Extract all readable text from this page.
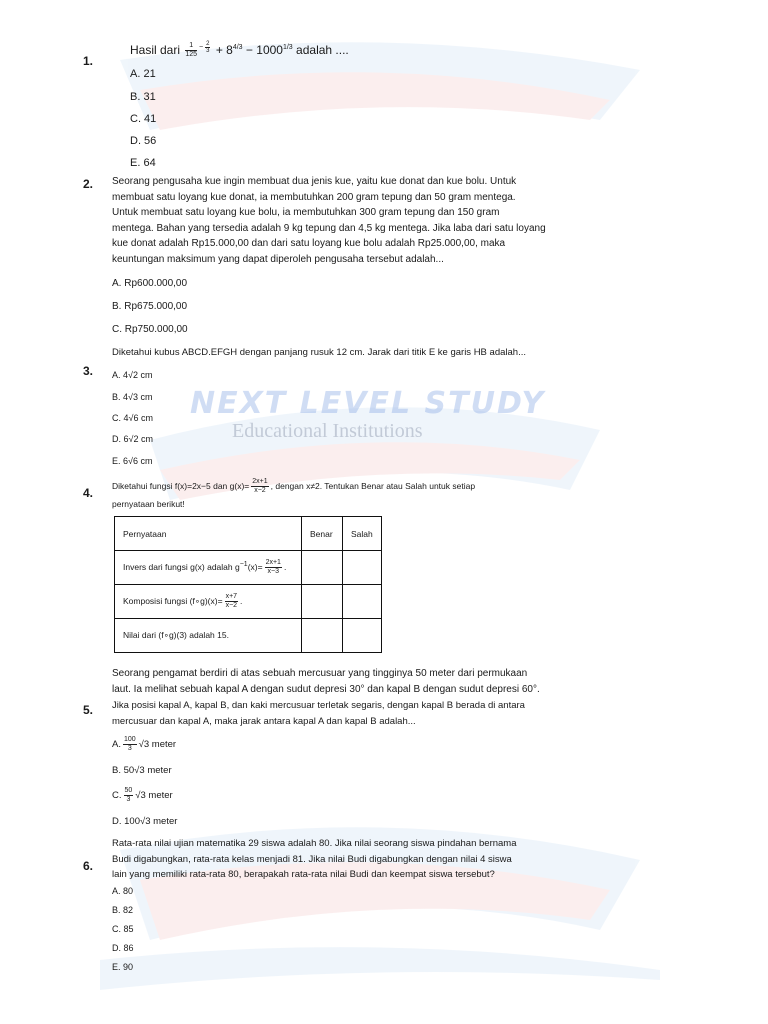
NEXT LEVEL STUDY
Educational Institutions
1.
Hasil dari $\frac{1}{125} ^{- \frac{2}{3}} + 8^{4/3} - 1000^{1/3}$ adalah ....
A. 21
B. 31
C. 41
D. 56
E. 64
2. Seorang pengusaha kue ingin membuat dua jenis kue, yaitu kue donat dan kue bolu. Untuk
membuat satu loyang kue donat, ia membutuhkan 200 gram tepung dan 50 gram mentega.
Untuk membuat satu loyang kue bolu, ia membutuhkan 300 gram tepung dan 150 gram
mentega. Bahan yang tersedia adalah 9 kg tepung dan 4,5 kg mentega. Jika laba dari satu loyang
kue donat adalah Rp15.000,00 dan dari satu loyang kue bolu adalah Rp25.000,00, maka
keuntungan maksimum yang dapat diperoleh pengusaha tersebut adalah...
A. Rp600.000,00
B. Rp675.000,00
C. Rp750.000,00
Diketahui kubus ABCD.EFGH dengan panjang rusuk 12 cm. Jarak dari titik E ke garis HB adalah...
3. A. 4√2 cm
B. 4√3 cm
C. 4√6 cm
D. 6√2 cm
E. 6√6 cm
4. Diketahui fungsi f(x)=2x−5 dan $g(x)= \frac{2x+1}{x-2}$ , dengan x≠2. Tentukan Benar atau Salah untuk setiap
pernyataan berikut!
Pernyataan	Benar	Salah
Invers dari fungsi g(x) adalah $g^{-1}(x)= \frac{2x+1}{x-3}$ .		
Komposisi fungsi (f∘g)(x)= $\frac{x+7}{x-2}$ .		
Nilai dari (f∘g)(3) adalah 15.		
Seorang pengamat berdiri di atas sebuah mercusuar yang tingginya 50 meter dari permukaan
laut. Ia melihat sebuah kapal A dengan sudut depresi 30° dan kapal B dengan sudut depresi 60°.
5. Jika posisi kapal A, kapal B, dan kaki mercusuar terletak segaris, dengan kapal B berada di antara
mercusuar dan kapal A, maka jarak antara kapal A dan kapal B adalah...
A. $\frac{100}{3} √3$ meter
B. 50√3 meter
C. $\frac{50}{3} √3$ meter
D. 100√3 meter
Rata-rata nilai ujian matematika 29 siswa adalah 80. Jika nilai seorang siswa pindahan bernama
6. Budi digabungkan, rata-rata kelas menjadi 81. Jika nilai Budi digabungkan dengan nilai 4 siswa
lain yang memiliki rata-rata 80, berapakah rata-rata nilai Budi dan keempat siswa tersebut?
A. 80
B. 82
C. 85
D. 86
E. 90
